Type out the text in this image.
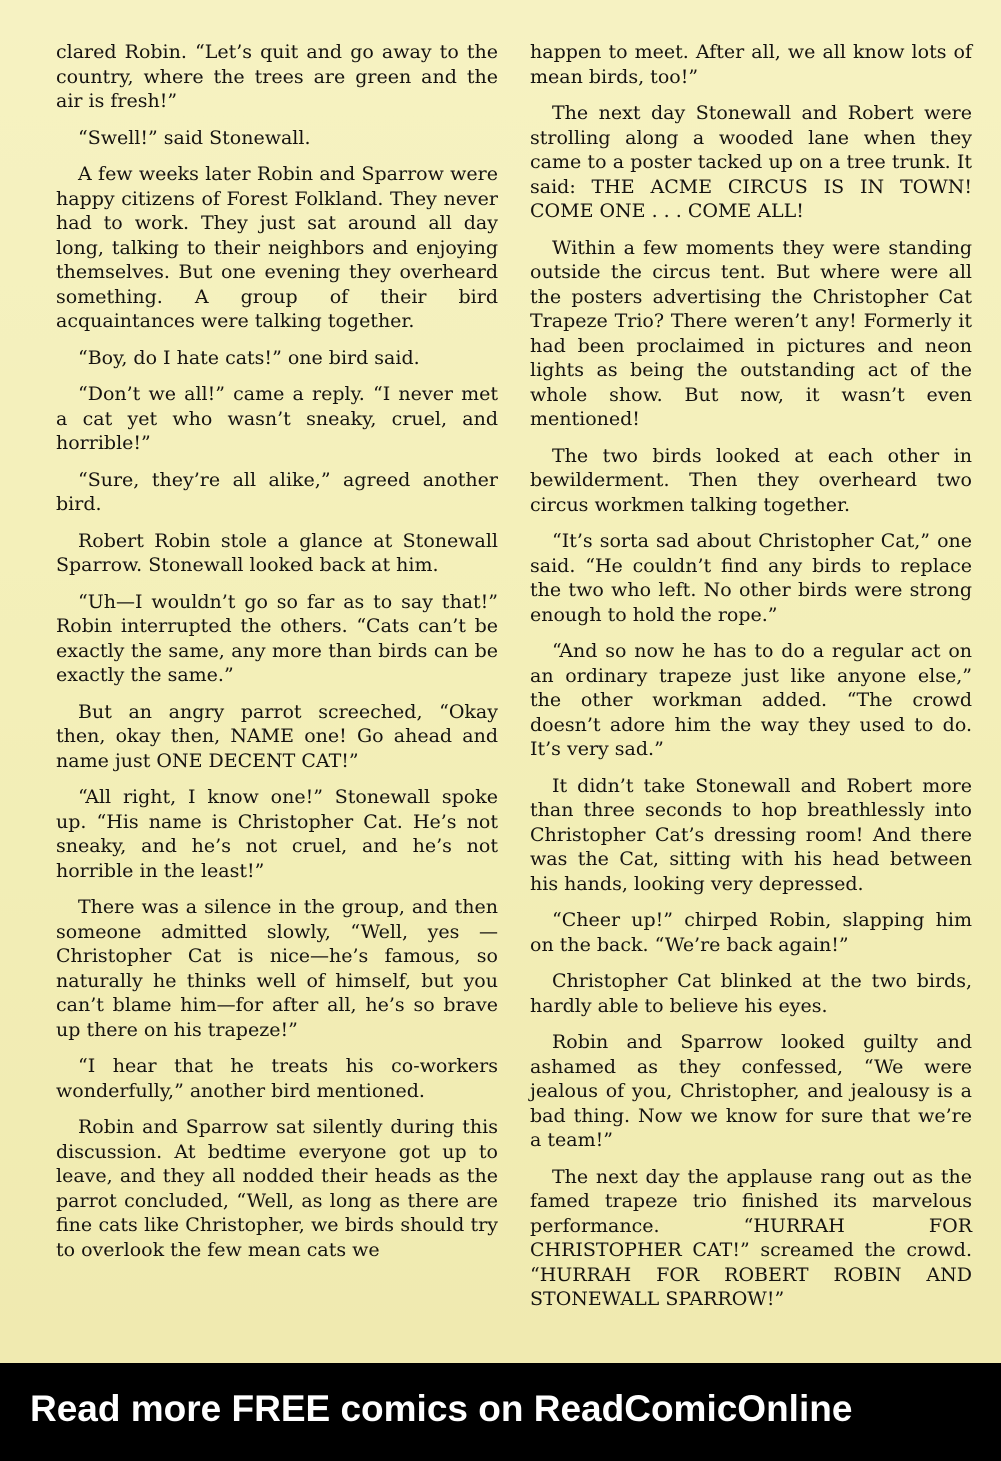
clared Robin. “Let’s quit and go away to the country, where the trees are green and the air is fresh!”

“Swell!” said Stonewall.

A few weeks later Robin and Sparrow were happy citizens of Forest Folkland. They never had to work. They just sat around all day long, talking to their neighbors and enjoying themselves. But one evening they overheard something. A group of their bird acquaintances were talking together.

“Boy, do I hate cats!” one bird said.

“Don’t we all!” came a reply. “I never met a cat yet who wasn’t sneaky, cruel, and horrible!”

“Sure, they’re all alike,” agreed another bird.

Robert Robin stole a glance at Stonewall Sparrow. Stonewall looked back at him.

“Uh—I wouldn’t go so far as to say that!” Robin interrupted the others. “Cats can’t be exactly the same, any more than birds can be exactly the same.”

But an angry parrot screeched, “Okay then, okay then, NAME one! Go ahead and name just ONE DECENT CAT!”

“All right, I know one!” Stonewall spoke up. “His name is Christopher Cat. He’s not sneaky, and he’s not cruel, and he’s not horrible in the least!”

There was a silence in the group, and then someone admitted slowly, “Well, yes —Christopher Cat is nice—he’s famous, so naturally he thinks well of himself, but you can’t blame him—for after all, he’s so brave up there on his trapeze!”

“I hear that he treats his co-workers wonderfully,” another bird mentioned.

Robin and Sparrow sat silently during this discussion. At bedtime everyone got up to leave, and they all nodded their heads as the parrot concluded, “Well, as long as there are fine cats like Christopher, we birds should try to overlook the few mean cats we

happen to meet. After all, we all know lots of mean birds, too!”

The next day Stonewall and Robert were strolling along a wooded lane when they came to a poster tacked up on a tree trunk. It said: THE ACME CIRCUS IS IN TOWN! COME ONE . . . COME ALL!

Within a few moments they were standing outside the circus tent. But where were all the posters advertising the Christopher Cat Trapeze Trio? There weren’t any! Formerly it had been proclaimed in pictures and neon lights as being the outstanding act of the whole show. But now, it wasn’t even mentioned!

The two birds looked at each other in bewilderment. Then they overheard two circus workmen talking together.

“It’s sorta sad about Christopher Cat,” one said. “He couldn’t find any birds to replace the two who left. No other birds were strong enough to hold the rope.”

“And so now he has to do a regular act on an ordinary trapeze just like anyone else,” the other workman added. “The crowd doesn’t adore him the way they used to do. It’s very sad.”

It didn’t take Stonewall and Robert more than three seconds to hop breathlessly into Christopher Cat’s dressing room! And there was the Cat, sitting with his head between his hands, looking very depressed.

“Cheer up!” chirped Robin, slapping him on the back. “We’re back again!”

Christopher Cat blinked at the two birds, hardly able to believe his eyes.

Robin and Sparrow looked guilty and ashamed as they confessed, “We were jealous of you, Christopher, and jealousy is a bad thing. Now we know for sure that we’re a team!”

The next day the applause rang out as the famed trapeze trio finished its marvelous performance. “HURRAH FOR CHRISTOPHER CAT!” screamed the crowd. “HURRAH FOR ROBERT ROBIN AND STONEWALL SPARROW!”

Read more FREE comics on ReadComicOnline
